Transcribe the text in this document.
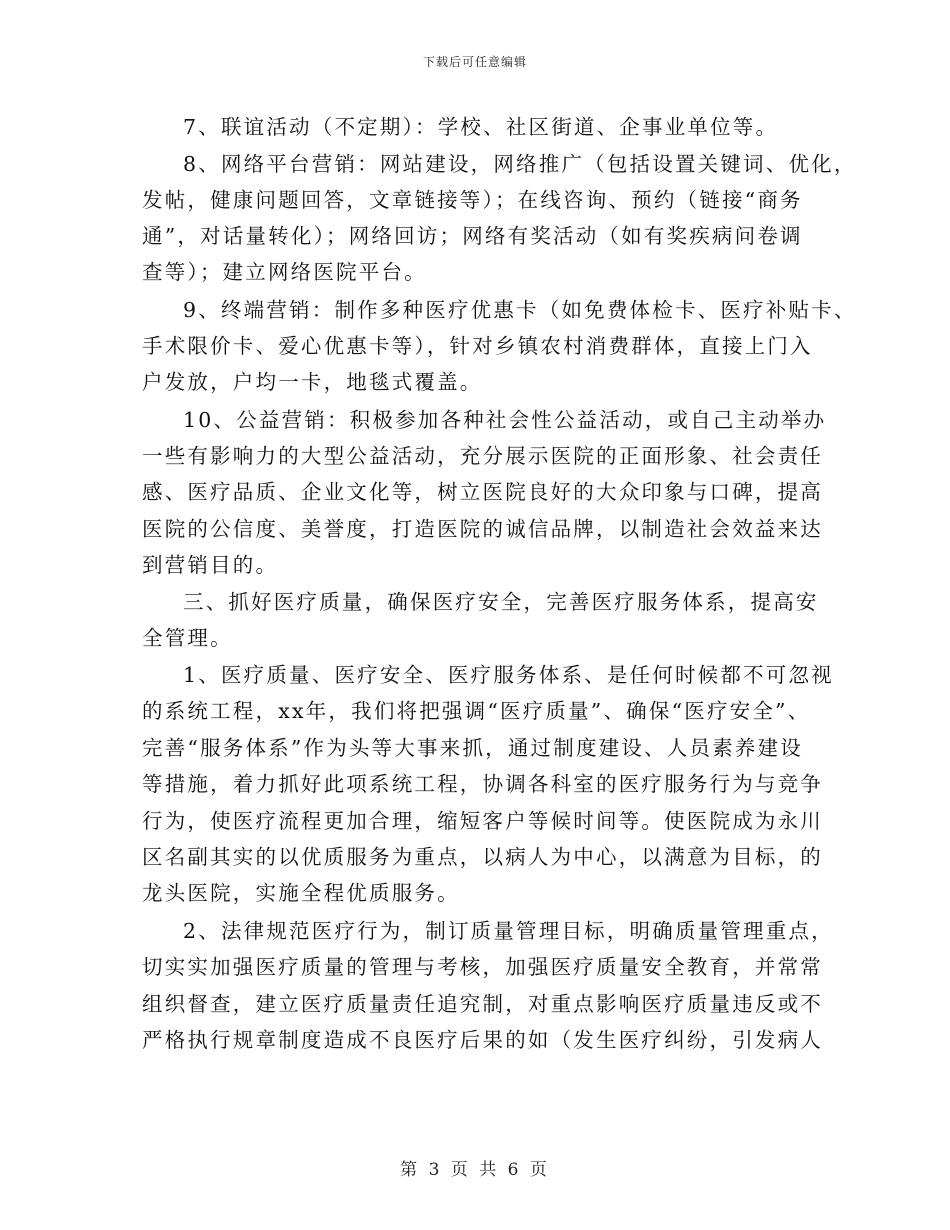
下载后可任意编辑
7、联谊活动（不定期）：学校、社区街道、企事业单位等。
8、网络平台营销：网站建设，网络推广（包括设置关键词、优化，
发帖，健康问题回答，文章链接等）；在线咨询、预约（链接“商务
通”，对话量转化）；网络回访；网络有奖活动（如有奖疾病问卷调
查等）；建立网络医院平台。
9、终端营销：制作多种医疗优惠卡（如免费体检卡、医疗补贴卡、
手术限价卡、爱心优惠卡等），针对乡镇农村消费群体，直接上门入
户发放，户均一卡，地毯式覆盖。
10、公益营销：积极参加各种社会性公益活动，或自己主动举办
一些有影响力的大型公益活动，充分展示医院的正面形象、社会责任
感、医疗品质、企业文化等，树立医院良好的大众印象与口碑，提高
医院的公信度、美誉度，打造医院的诚信品牌，以制造社会效益来达
到营销目的。
三、抓好医疗质量，确保医疗安全，完善医疗服务体系，提高安
全管理。
1、医疗质量、医疗安全、医疗服务体系、是任何时候都不可忽视
的系统工程，xx年，我们将把强调“医疗质量”、确保“医疗安全”、
完善“服务体系”作为头等大事来抓，通过制度建设、人员素养建设
等措施，着力抓好此项系统工程，协调各科室的医疗服务行为与竞争
行为，使医疗流程更加合理，缩短客户等候时间等。使医院成为永川
区名副其实的以优质服务为重点，以病人为中心，以满意为目标，的
龙头医院，实施全程优质服务。
2、法律规范医疗行为，制订质量管理目标，明确质量管理重点，
切实实加强医疗质量的管理与考核，加强医疗质量安全教育，并常常
组织督查，建立医疗质量责任追究制，对重点影响医疗质量违反或不
严格执行规章制度造成不良医疗后果的如（发生医疗纠纷，引发病人
第 3 页 共 6 页
